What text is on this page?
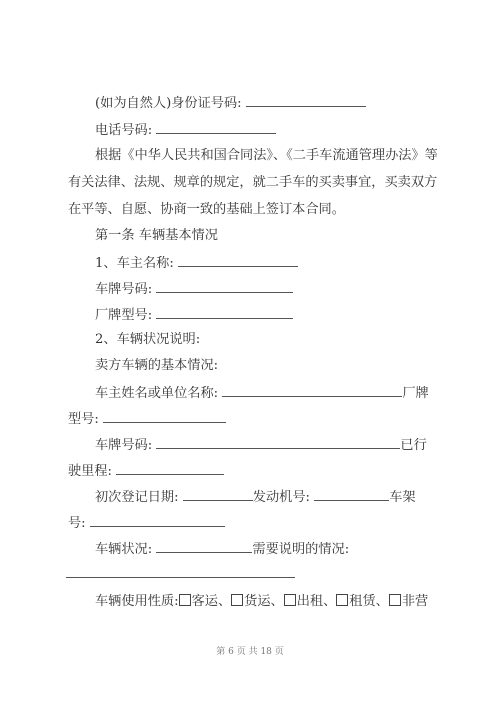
(如为自然人)身份证号码:
电话号码:
根据《中华人民共和国合同法》、《二手车流通管理办法》等
有关法律、法规、规章的规定，就二手车的买卖事宜，买卖双方
在平等、自愿、协商一致的基础上签订本合同。
第一条 车辆基本情况
1、车主名称:
车牌号码:
厂牌型号:
2、车辆状况说明:
卖方车辆的基本情况:
车主姓名或单位名称:	厂牌
型号:
车牌号码:	已行
驶里程:
初次登记日期:	发动机号:	车架
号:
车辆状况:	需要说明的情况:
车辆使用性质: 客运、 货运、 出租、 租赁、 非营
第 6 页 共 18 页
